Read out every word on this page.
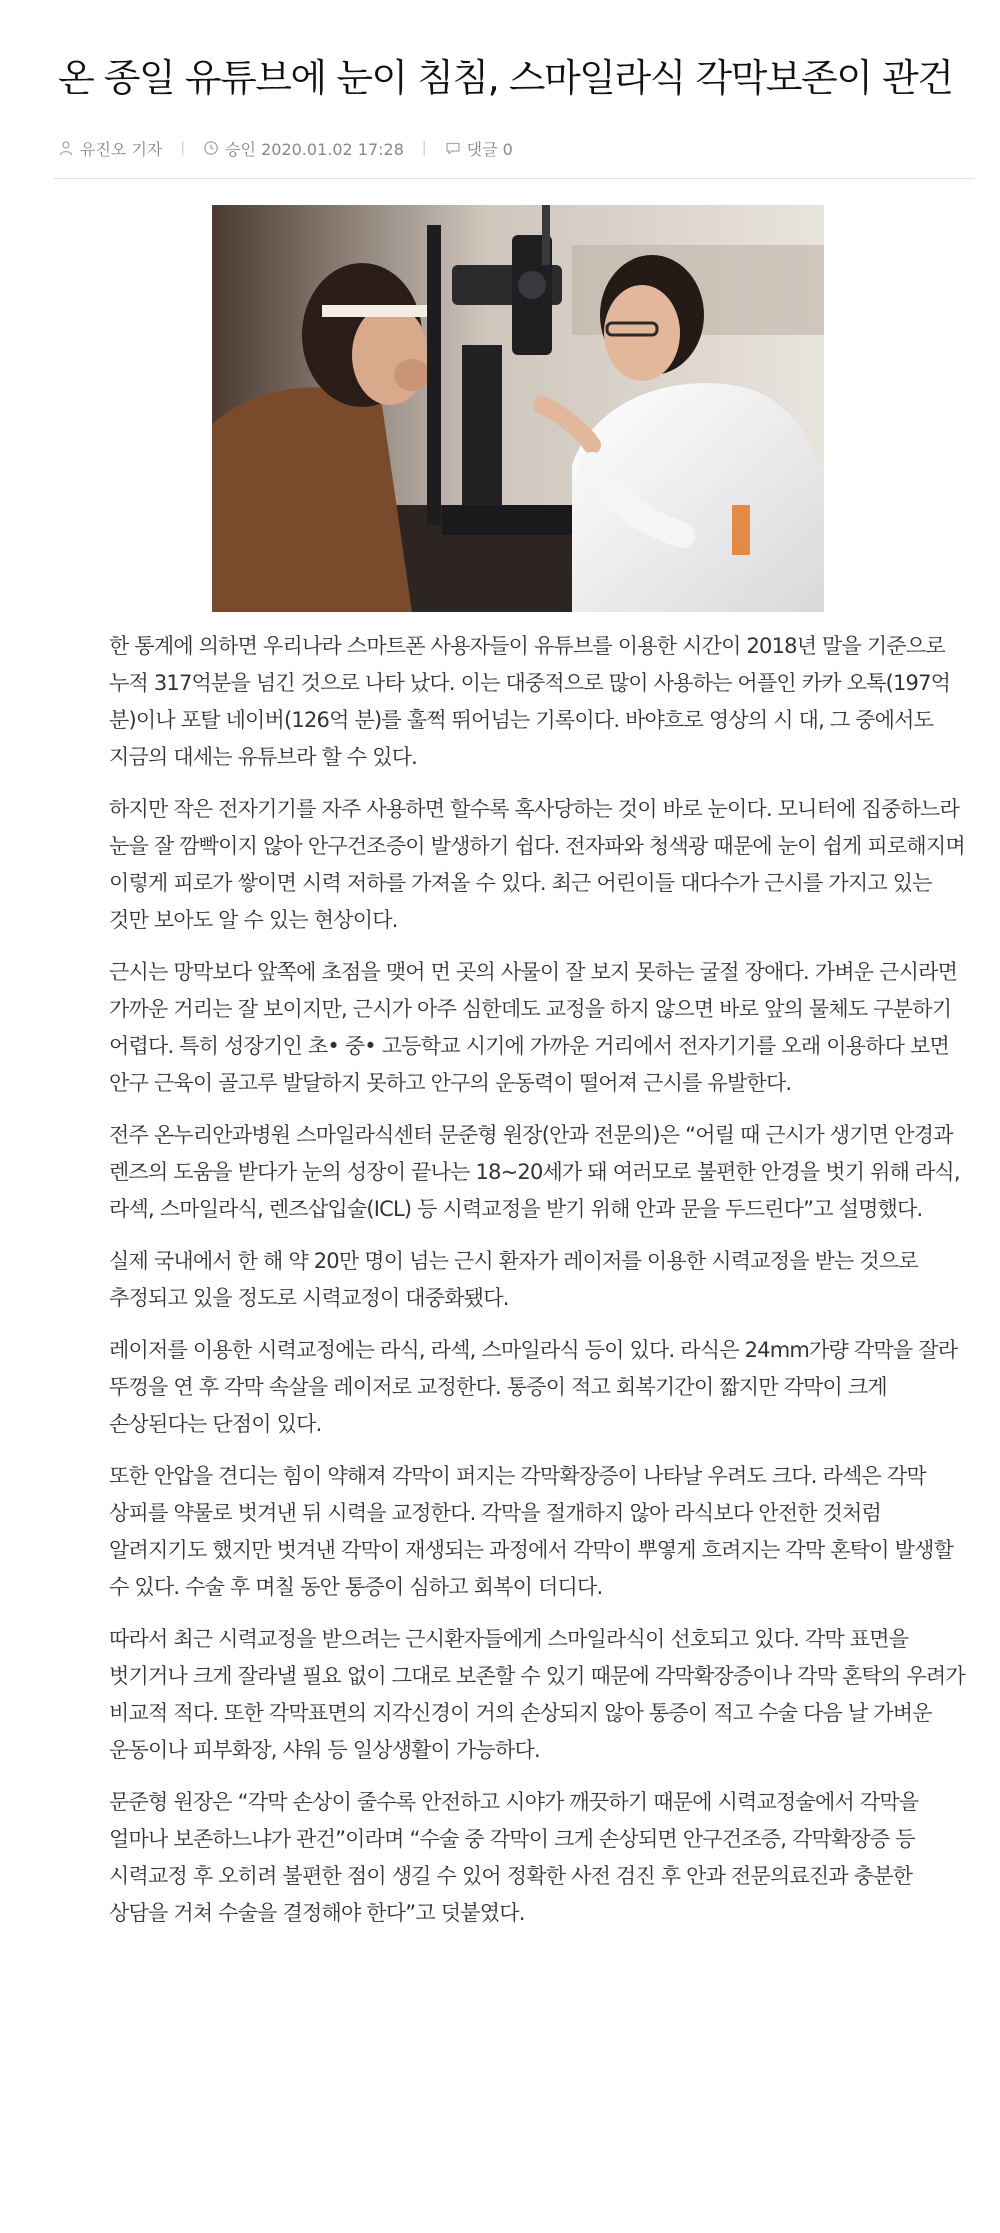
온 종일 유튜브에 눈이 침침, 스마일라식 각막보존이 관건
유진오 기자 |	승인 2020.01.02 17:28 |	댓글 0

한 통계에 의하면 우리나라 스마트폰 사용자들이 유튜브를 이용한 시간이 2018년 말을 기준으로 누적 317억분을 넘긴 것으로 나타 났다. 이는 대중적으로 많이 사용하는 어플인 카카 오톡(197억 분)이나 포탈 네이버(126억 분)를 훌쩍 뛰어넘는 기록이다. 바야흐로 영상의 시 대, 그 중에서도 지금의 대세는 유튜브라 할 수 있다.

하지만 작은 전자기기를 자주 사용하면 할수록 혹사당하는 것이 바로 눈이다. 모니터에 집중하느라 눈을 잘 깜빡이지 않아 안구건조증이 발생하기 쉽다. 전자파와 청색광 때문에 눈이 쉽게 피로해지며 이렇게 피로가 쌓이면 시력 저하를 가져올 수 있다. 최근 어린이들 대다수가 근시를 가지고 있는 것만 보아도 알 수 있는 현상이다.

근시는 망막보다 앞쪽에 초점을 맺어 먼 곳의 사물이 잘 보지 못하는 굴절 장애다. 가벼운 근시라면 가까운 거리는 잘 보이지만, 근시가 아주 심한데도 교정을 하지 않으면 바로 앞의 물체도 구분하기 어렵다. 특히 성장기인 초• 중• 고등학교 시기에 가까운 거리에서 전자기기를 오래 이용하다 보면 안구 근육이 골고루 발달하지 못하고 안구의 운동력이 떨어져 근시를 유발한다.

전주 온누리안과병원 스마일라식센터 문준형 원장(안과 전문의)은 “어릴 때 근시가 생기면 안경과 렌즈의 도움을 받다가 눈의 성장이 끝나는 18~20세가 돼 여러모로 불편한 안경을 벗기 위해 라식, 라섹, 스마일라식, 렌즈삽입술(ICL) 등 시력교정을 받기 위해 안과 문을 두드린다”고 설명했다.

실제 국내에서 한 해 약 20만 명이 넘는 근시 환자가 레이저를 이용한 시력교정을 받는 것으로 추정되고 있을 정도로 시력교정이 대중화됐다.

레이저를 이용한 시력교정에는 라식, 라섹, 스마일라식 등이 있다. 라식은 24mm가량 각막을 잘라 뚜껑을 연 후 각막 속살을 레이저로 교정한다. 통증이 적고 회복기간이 짧지만 각막이 크게 손상된다는 단점이 있다.

또한 안압을 견디는 힘이 약해져 각막이 퍼지는 각막확장증이 나타날 우려도 크다. 라섹은 각막 상피를 약물로 벗겨낸 뒤 시력을 교정한다. 각막을 절개하지 않아 라식보다 안전한 것처럼 알려지기도 했지만 벗겨낸 각막이 재생되는 과정에서 각막이 뿌옇게 흐려지는 각막 혼탁이 발생할 수 있다. 수술 후 며칠 동안 통증이 심하고 회복이 더디다.

따라서 최근 시력교정을 받으려는 근시환자들에게 스마일라식이 선호되고 있다. 각막 표면을 벗기거나 크게 잘라낼 필요 없이 그대로 보존할 수 있기 때문에 각막확장증이나 각막 혼탁의 우려가 비교적 적다. 또한 각막표면의 지각신경이 거의 손상되지 않아 통증이 적고 수술 다음 날 가벼운 운동이나 피부화장, 샤워 등 일상생활이 가능하다.

문준형 원장은 “각막 손상이 줄수록 안전하고 시야가 깨끗하기 때문에 시력교정술에서 각막을 얼마나 보존하느냐가 관건”이라며 “수술 중 각막이 크게 손상되면 안구건조증, 각막확장증 등 시력교정 후 오히려 불편한 점이 생길 수 있어 정확한 사전 검진 후 안과 전문의료진과 충분한 상담을 거쳐 수술을 결정해야 한다”고 덧붙였다.
